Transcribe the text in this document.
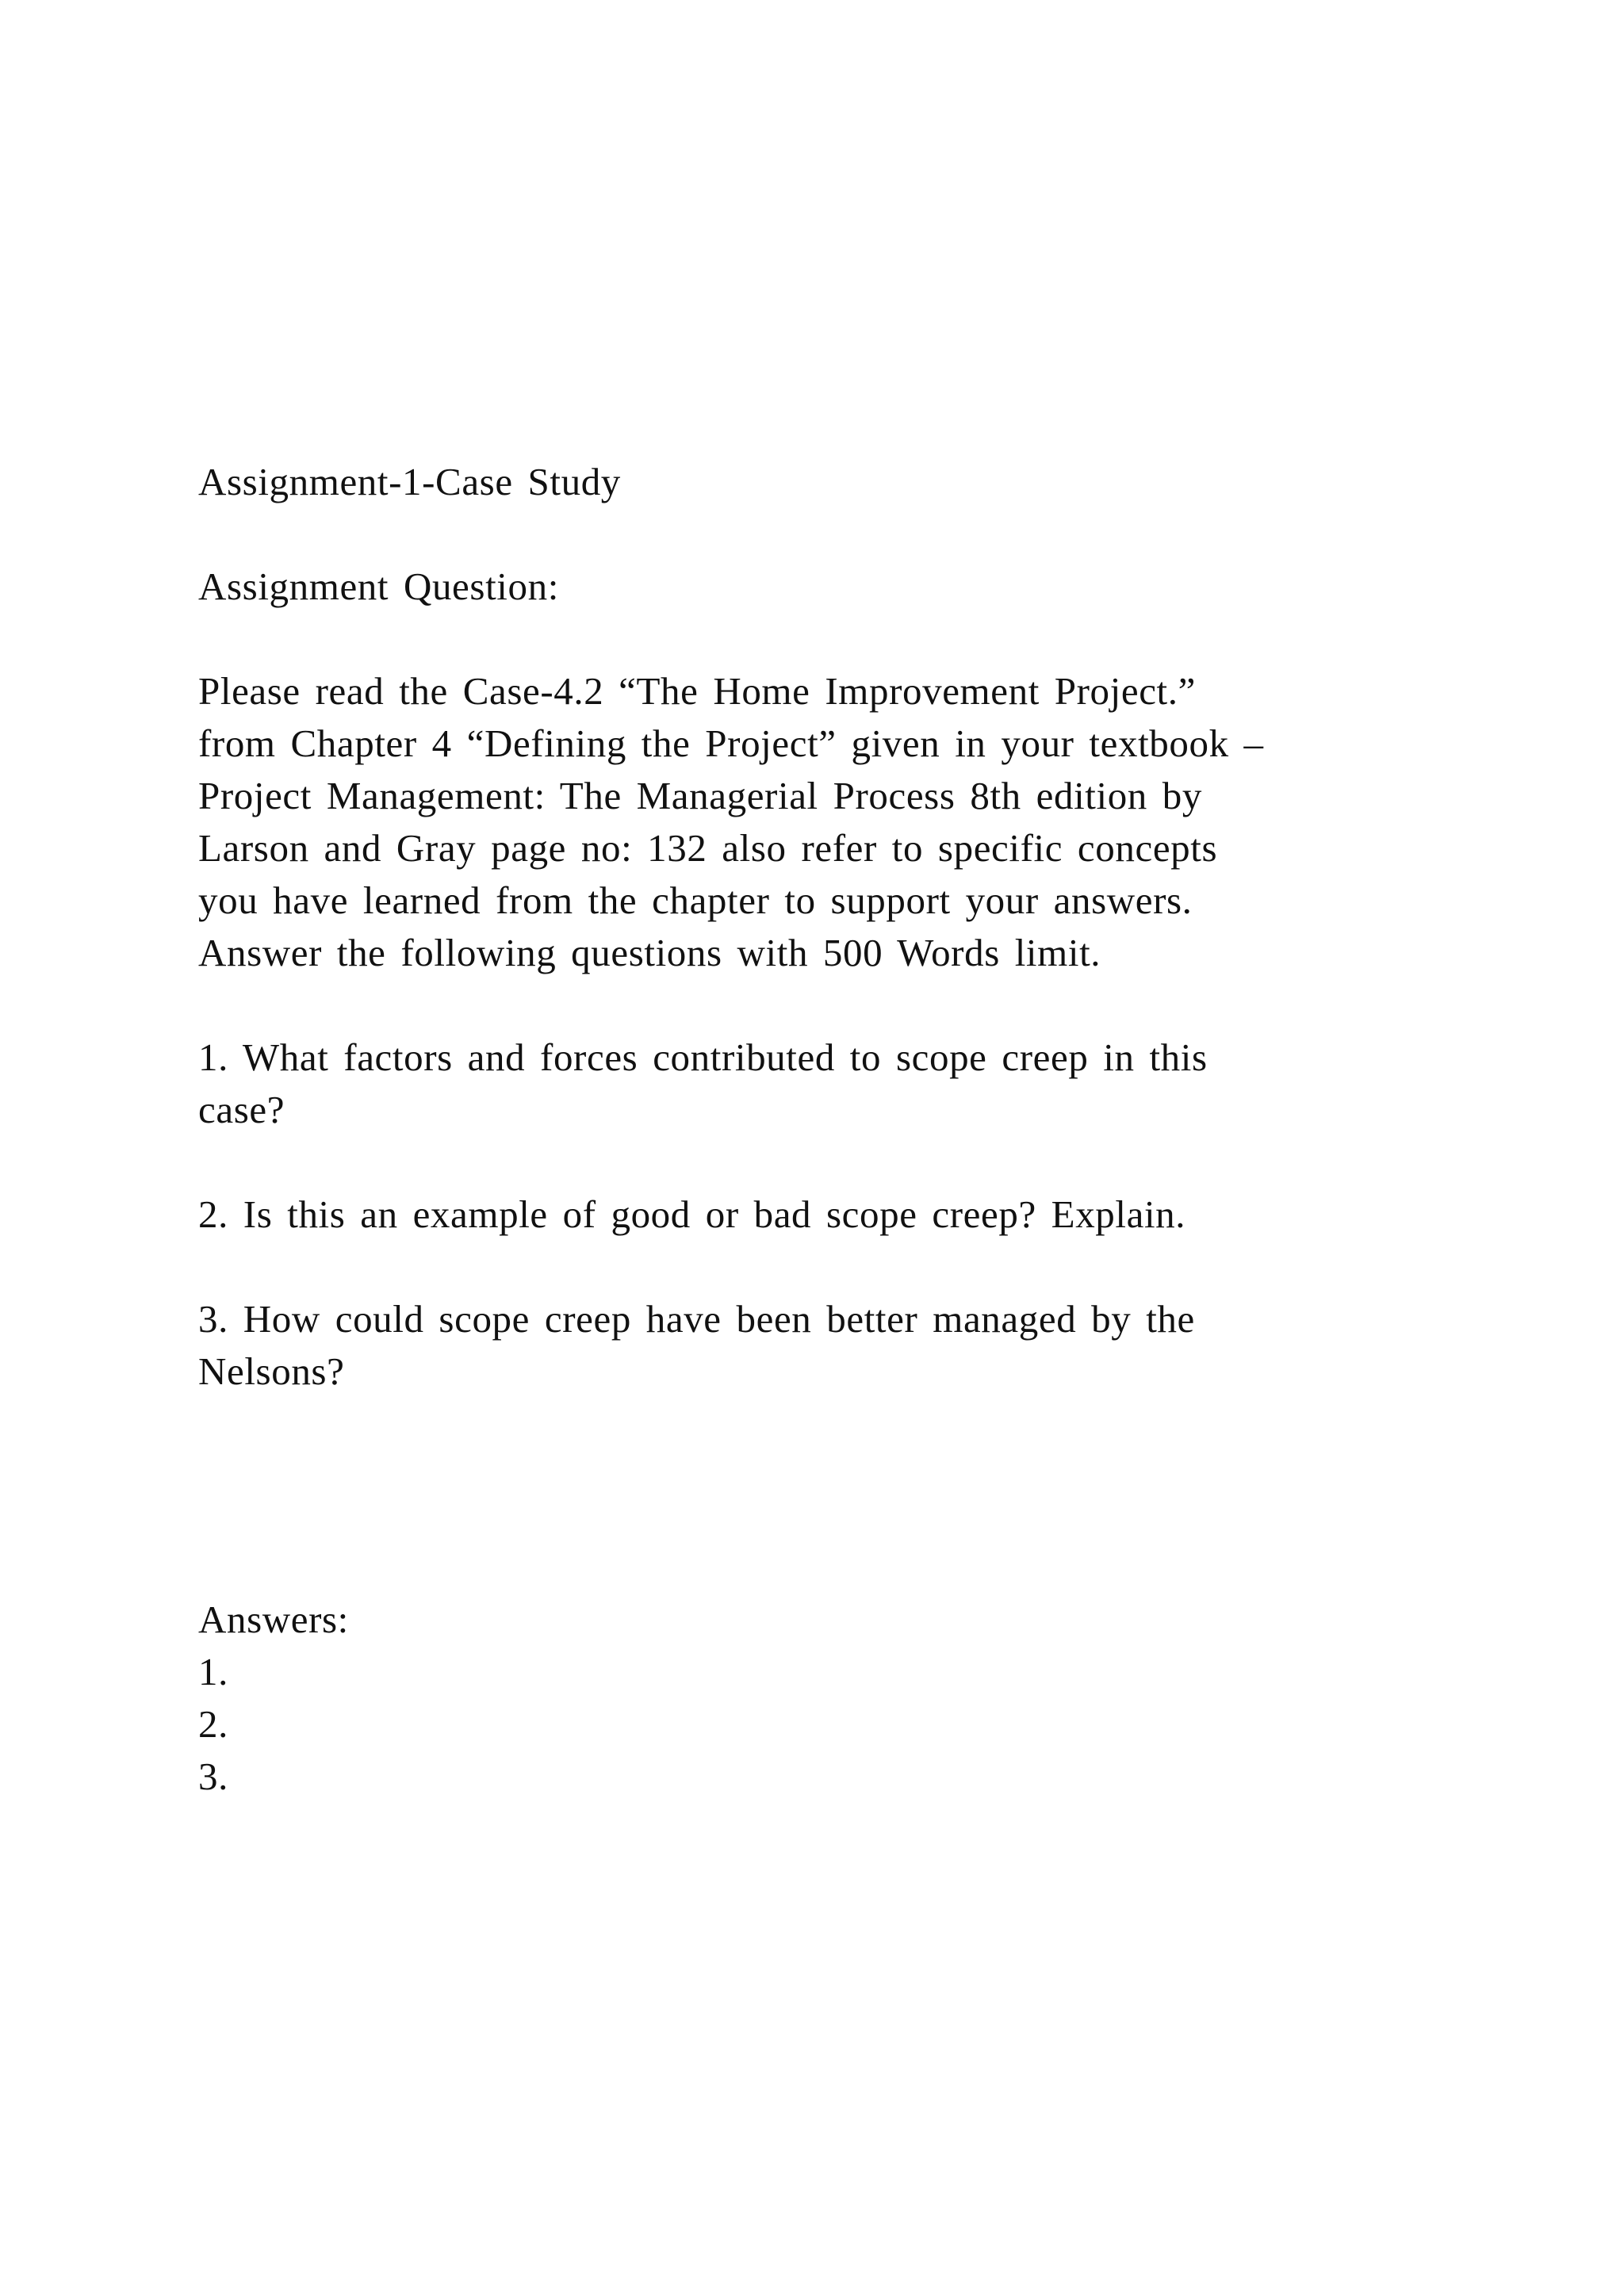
Assignment-1-Case Study
Assignment Question:
Please read the Case-4.2 “The Home Improvement Project.”
from Chapter 4 “Defining the Project” given in your textbook –
Project Management: The Managerial Process 8th edition by
Larson and Gray page no: 132 also refer to specific concepts
you have learned from the chapter to support your answers.
Answer the following questions with 500 Words limit.
1. What factors and forces contributed to scope creep in this
case?
2. Is this an example of good or bad scope creep? Explain.
3. How could scope creep have been better managed by the
Nelsons?
Answers:
1.
2.
3.
